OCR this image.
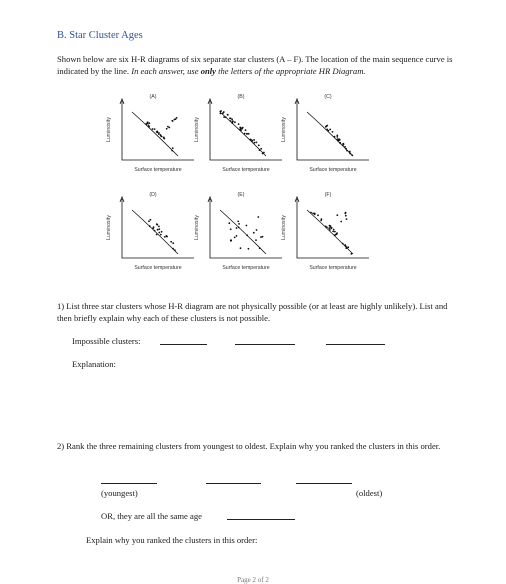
B. Star Cluster Ages
Shown below are six H-R diagrams of six separate star clusters (A – F). The location of the main sequence curve is indicated by the line. In each answer, use only the letters of the appropriate HR Diagram.
(A)
Surface temperature
Luminosity
(B)
Surface temperature
Luminosity
(C)
Surface temperature
Luminosity
(D)
Surface temperature
Luminosity
(E)
Surface temperature
Luminosity
(F)
Surface temperature
Luminosity
1) List three star clusters whose H-R diagram are not physically possible (or at least are highly unlikely). List and then briefly explain why each of these clusters is not possible.
Impossible clusters:
Explanation:
2) Rank the three remaining clusters from youngest to oldest. Explain why you ranked the clusters in this order.
(youngest)	(oldest)
OR, they are all the same age
Explain why you ranked the clusters in this order:
Page 2 of 2
